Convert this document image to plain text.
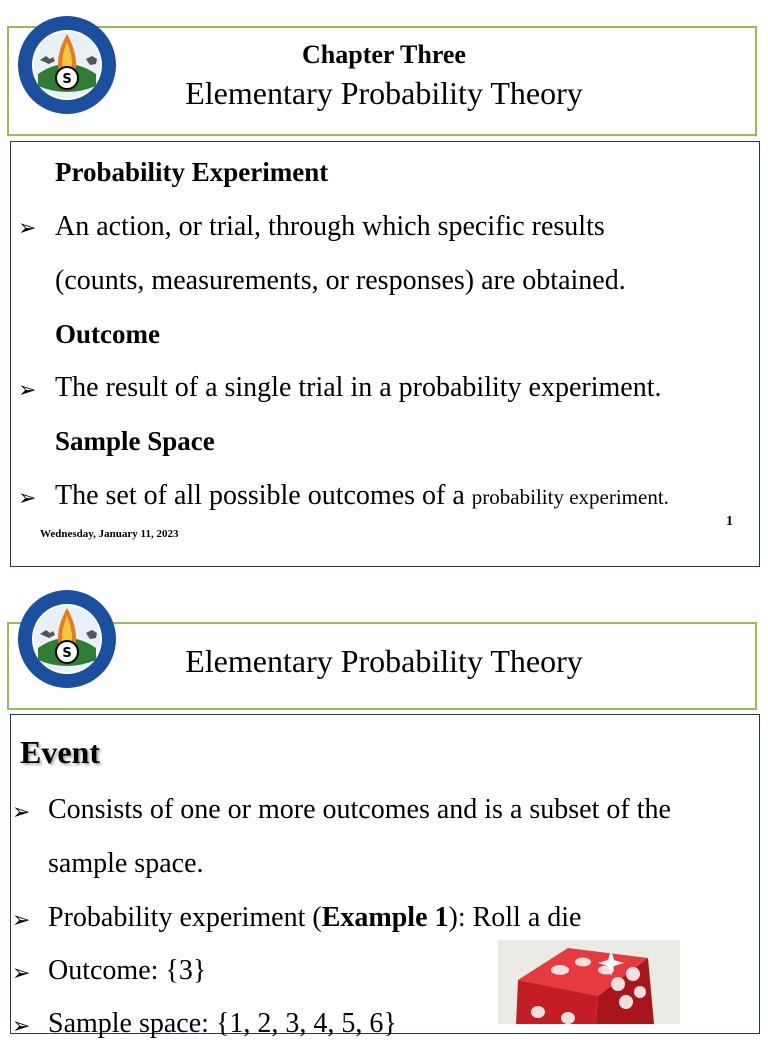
Chapter Three
Elementary Probability Theory
Probability Experiment
➢ An action, or trial, through which specific results
(counts, measurements, or responses) are obtained.
Outcome
➢ The result of a single trial in a probability experiment.
Sample Space
➢ The set of all possible outcomes of a probability experiment.
Wednesday, January 11, 2023
1
Elementary Probability Theory
Event
➢ Consists of one or more outcomes and is a subset of the
sample space.
➢ Probability experiment (Example 1): Roll a die
➢ Outcome: {3}
➢ Sample space: {1, 2, 3, 4, 5, 6}
